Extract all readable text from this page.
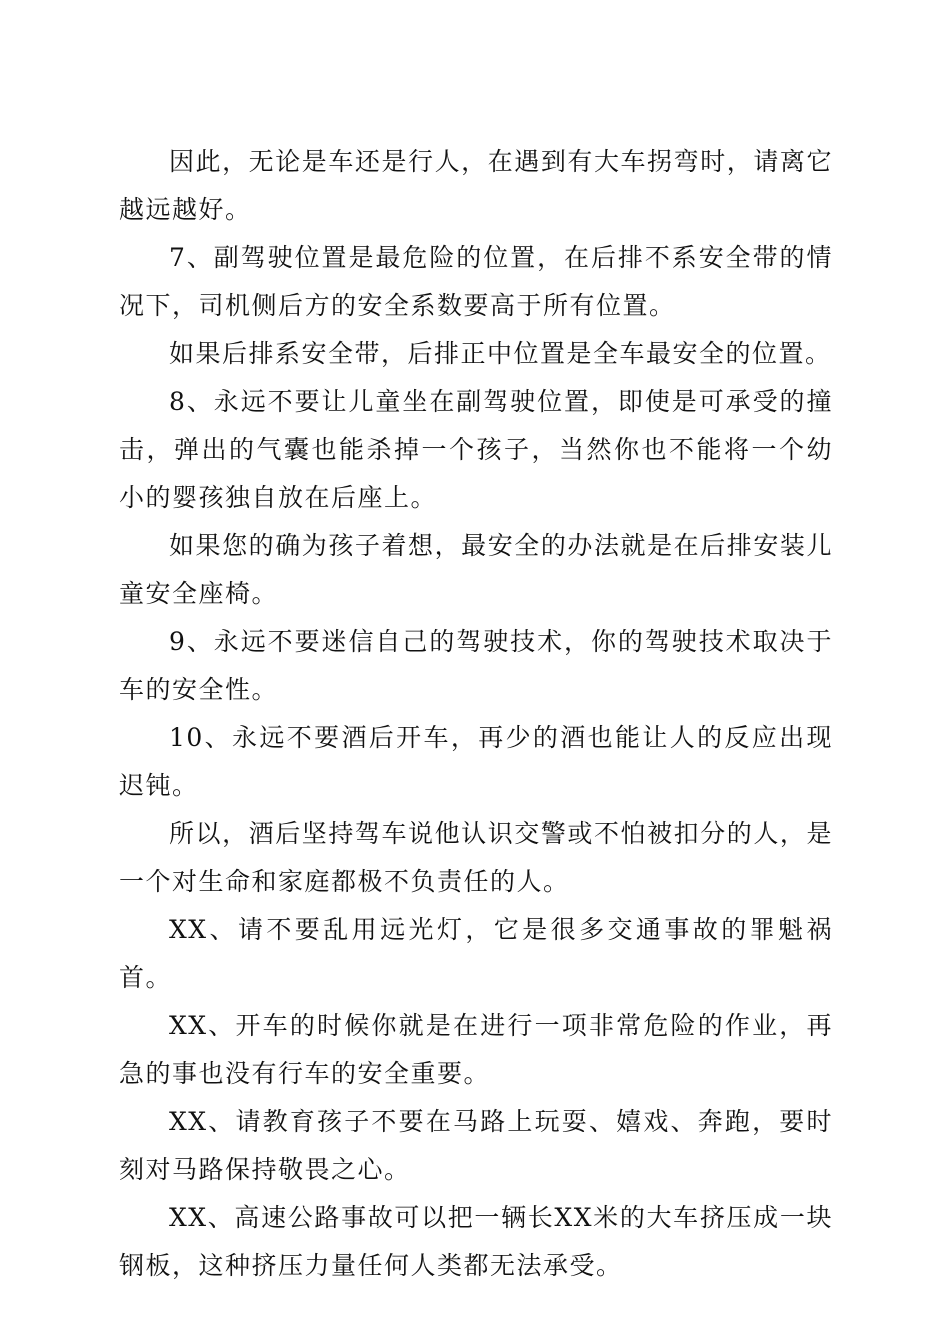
因此，无论是车还是行人，在遇到有大车拐弯时，请离它越远越好。

7、副驾驶位置是最危险的位置，在后排不系安全带的情况下，司机侧后方的安全系数要高于所有位置。

如果后排系安全带，后排正中位置是全车最安全的位置。

8、永远不要让儿童坐在副驾驶位置，即使是可承受的撞击，弹出的气囊也能杀掉一个孩子，当然你也不能将一个幼小的婴孩独自放在后座上。

如果您的确为孩子着想，最安全的办法就是在后排安装儿童安全座椅。

9、永远不要迷信自己的驾驶技术，你的驾驶技术取决于车的安全性。

10、永远不要酒后开车，再少的酒也能让人的反应出现迟钝。

所以，酒后坚持驾车说他认识交警或不怕被扣分的人，是一个对生命和家庭都极不负责任的人。

XX、请不要乱用远光灯，它是很多交通事故的罪魁祸首。

XX、开车的时候你就是在进行一项非常危险的作业，再急的事也没有行车的安全重要。

XX、请教育孩子不要在马路上玩耍、嬉戏、奔跑，要时刻对马路保持敬畏之心。

XX、高速公路事故可以把一辆长XX米的大车挤压成一块钢板，这种挤压力量任何人类都无法承受。
